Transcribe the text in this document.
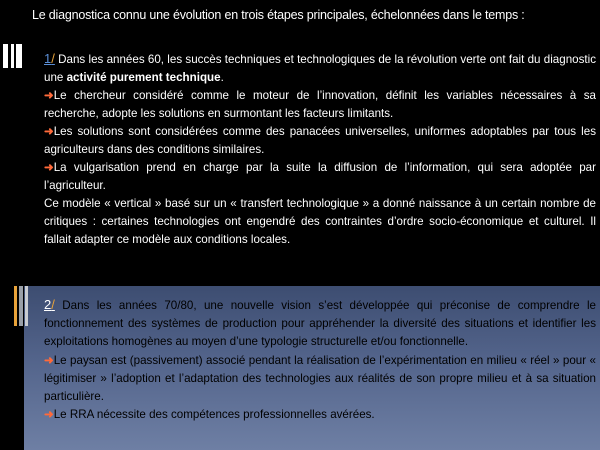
Le diagnostica connu une évolution en trois étapes principales, échelonnées dans le temps :
1/ Dans les années 60, les succès techniques et technologiques de la révolution verte ont fait du diagnostic une activité purement technique.
➜Le chercheur considéré comme le moteur de l’innovation, définit les variables nécessaires à sa recherche, adopte les solutions en surmontant les facteurs limitants.
➜Les solutions sont considérées comme des panacées universelles, uniformes adoptables par tous les agriculteurs dans des conditions similaires.
➜La vulgarisation prend en charge par la suite la diffusion de l’information, qui sera adoptée par l’agriculteur.
Ce modèle « vertical » basé sur un « transfert technologique » a donné naissance à un certain nombre de critiques : certaines technologies ont engendré des contraintes d’ordre socio-économique et culturel. Il fallait adapter ce modèle aux conditions locales.
2/ Dans les années 70/80, une nouvelle vision s’est développée qui préconise de comprendre le fonctionnement des systèmes de production pour appréhender la diversité des situations et identifier les exploitations homogènes au moyen d’une typologie structurelle et/ou fonctionnelle.
➜Le paysan est (passivement) associé pendant la réalisation de l’expérimentation en milieu « réel » pour « légitimiser » l’adoption et l’adaptation des technologies aux réalités de son propre milieu et à sa situation particulière.
➜Le RRA nécessite des compétences professionnelles avérées.
